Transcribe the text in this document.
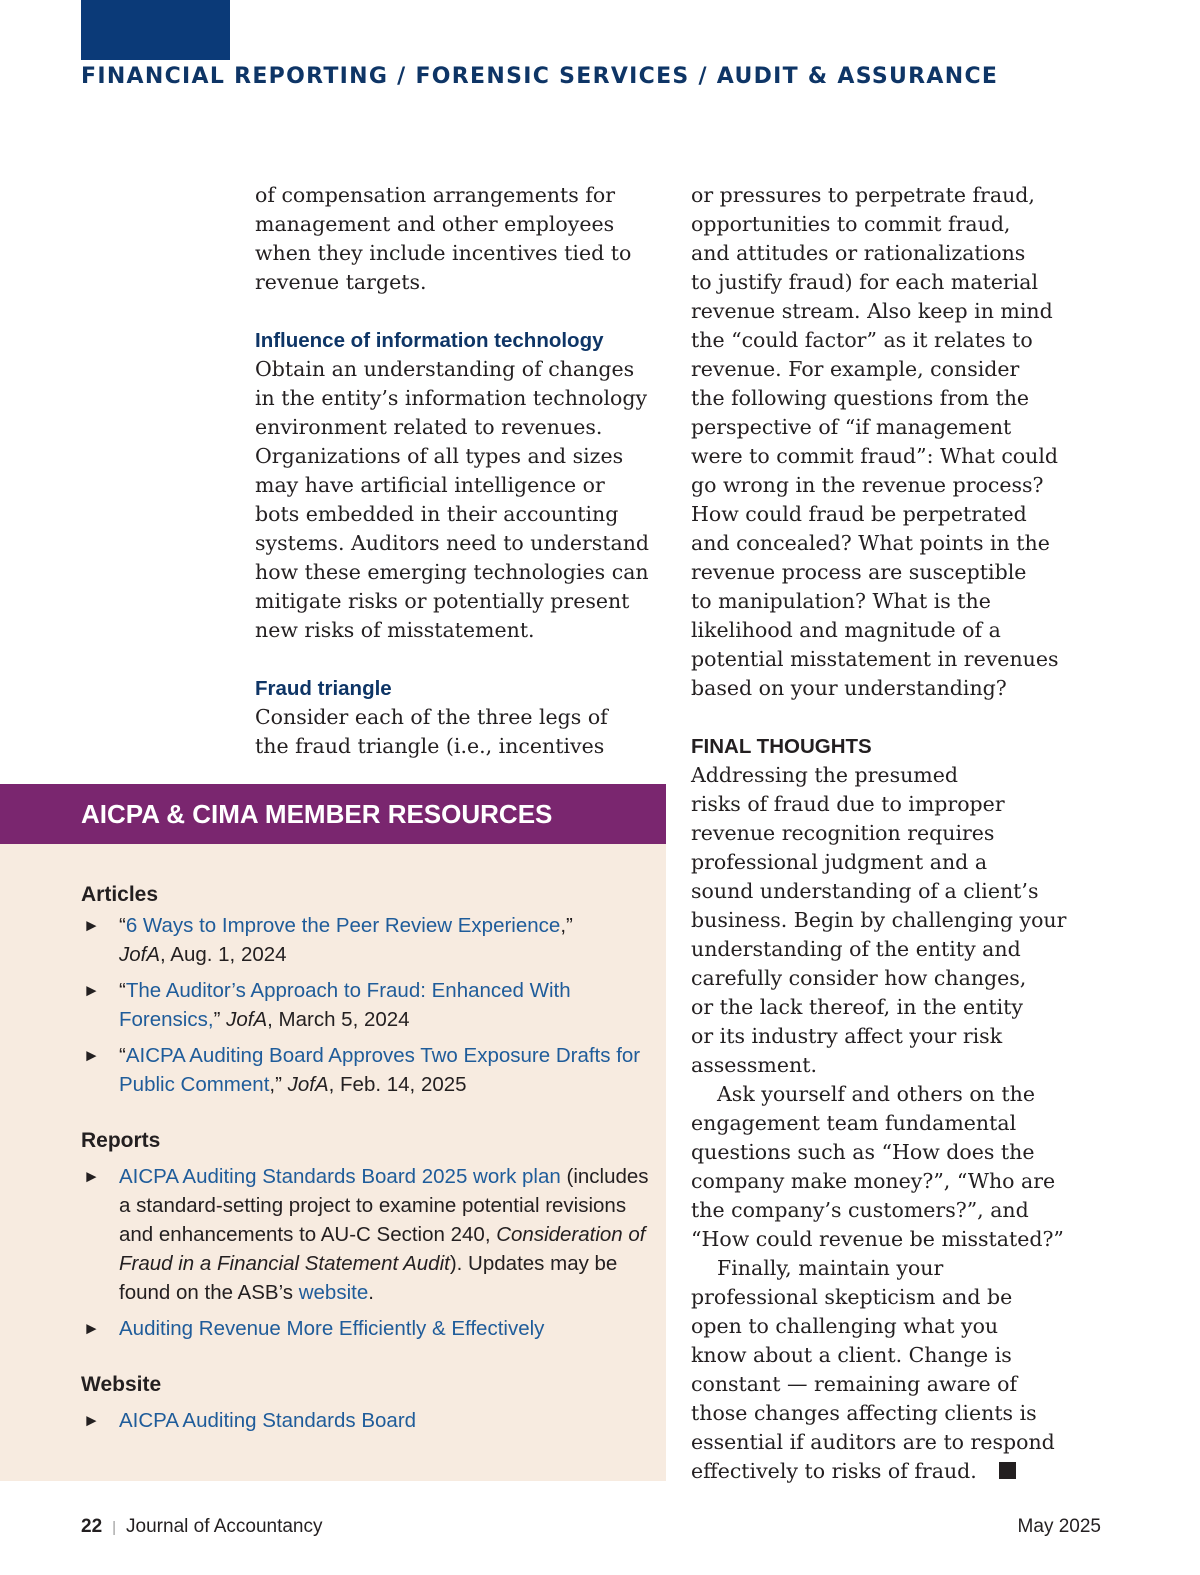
FINANCIAL REPORTING / FORENSIC SERVICES / AUDIT & ASSURANCE

of compensation arrangements for
management and other employees
when they include incentives tied to
revenue targets.

Influence of information technology

Obtain an understanding of changes
in the entity’s information technology
environment related to revenues.
Organizations of all types and sizes
may have artificial intelligence or
bots embedded in their accounting
systems. Auditors need to understand
how these emerging technologies can
mitigate risks or potentially present
new risks of misstatement.

Fraud triangle

Consider each of the three legs of
the fraud triangle (i.e., incentives

or pressures to perpetrate fraud,
opportunities to commit fraud,
and attitudes or rationalizations
to justify fraud) for each material
revenue stream. Also keep in mind
the “could factor” as it relates to
revenue. For example, consider
the following questions from the
perspective of “if management
were to commit fraud”: What could
go wrong in the revenue process?
How could fraud be perpetrated
and concealed? What points in the
revenue process are susceptible
to manipulation? What is the
likelihood and magnitude of a
potential misstatement in revenues
based on your understanding?

FINAL THOUGHTS

Addressing the presumed
risks of fraud due to improper
revenue recognition requires
professional judgment and a
sound understanding of a client’s
business. Begin by challenging your
understanding of the entity and
carefully consider how changes,
or the lack thereof, in the entity
or its industry affect your risk
assessment.

Ask yourself and others on the
engagement team fundamental
questions such as “How does the
company make money?”, “Who are
the company’s customers?”, and
“How could revenue be misstated?”

Finally, maintain your
professional skepticism and be
open to challenging what you
know about a client. Change is
constant — remaining aware of
those changes affecting clients is
essential if auditors are to respond
effectively to risks of fraud.

AICPA & CIMA MEMBER RESOURCES

Articles

► “6 Ways to Improve the Peer Review Experience,”
JofA, Aug. 1, 2024
► “The Auditor’s Approach to Fraud: Enhanced With Forensics,” JofA, March 5, 2024
► “AICPA Auditing Board Approves Two Exposure Drafts for Public Comment,” JofA, Feb. 14, 2025

Reports

► AICPA Auditing Standards Board 2025 work plan (includes a standard-setting project to examine potential revisions and enhancements to AU-C Section 240, Consideration of Fraud in a Financial Statement Audit). Updates may be found on the ASB’s website.
► Auditing Revenue More Efficiently & Effectively

Website

► AICPA Auditing Standards Board
22 | Journal of Accountancy	May 2025
